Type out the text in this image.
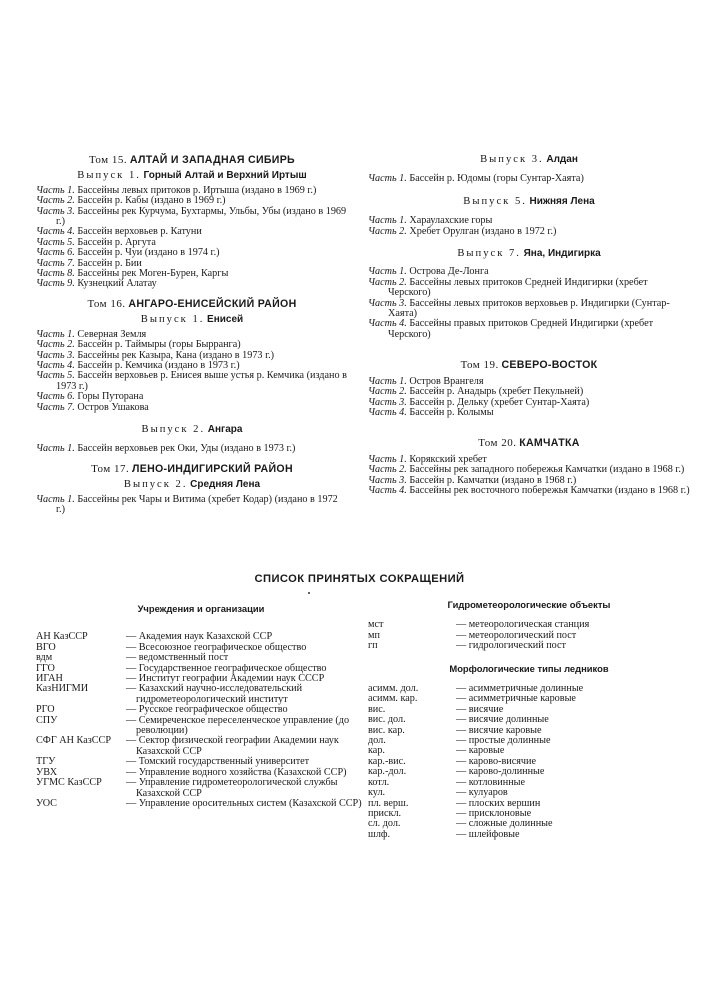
Том 15. АЛТАЙ И ЗАПАДНАЯ СИБИРЬ
Выпуск 1. Горный Алтай и Верхний Иртыш

Часть 1. Бассейны левых притоков р. Иртыша (издано в 1969 г.)

Часть 2. Бассейн р. Кабы (издано в 1969 г.)

Часть 3. Бассейны рек Курчума, Бухтармы, Ульбы, Убы (издано в 1969 г.)

Часть 4. Бассейн верховьев р. Катуни

Часть 5. Бассейн р. Аргута

Часть 6. Бассейн р. Чуи (издано в 1974 г.)

Часть 7. Бассейн р. Бии

Часть 8. Бассейны рек Моген-Бурен, Каргы

Часть 9. Кузнецкий Алатау

Том 16. АНГАРО-ЕНИСЕЙСКИЙ РАЙОН
Выпуск 1. Енисей

Часть 1. Северная Земля

Часть 2. Бассейн р. Таймыры (горы Бырранга)

Часть 3. Бассейны рек Казыра, Кана (издано в 1973 г.)

Часть 4. Бассейн р. Кемчика (издано в 1973 г.)

Часть 5. Бассейн верховьев р. Енисея выше устья р. Кемчика (издано в 1973 г.)

Часть 6. Горы Путорана

Часть 7. Остров Ушакова

Выпуск 2. Ангара

Часть 1. Бассейн верховьев рек Оки, Уды (издано в 1973 г.)

Том 17. ЛЕНО-ИНДИГИРСКИЙ РАЙОН
Выпуск 2. Средняя Лена

Часть 1. Бассейны рек Чары и Витима (хребет Кодар) (издано в 1972 г.)

Выпуск 3. Алдан

Часть 1. Бассейн р. Юдомы (горы Сунтар-Хаята)

Выпуск 5. Нижняя Лена

Часть 1. Хараулахские горы

Часть 2. Хребет Орулган (издано в 1972 г.)

Выпуск 7. Яна, Индигирка

Часть 1. Острова Де-Лонга

Часть 2. Бассейны левых притоков Средней Индигирки (хребет Черского)

Часть 3. Бассейны левых притоков верховьев р. Индигирки (Сунтар-Хаята)

Часть 4. Бассейны правых притоков Средней Индигирки (хребет Черского)

Том 19. СЕВЕРО-ВОСТОК

Часть 1. Остров Врангеля

Часть 2. Бассейн р. Анадырь (хребет Пекульней)

Часть 3. Бассейн р. Дельку (хребет Сунтар-Хаята)

Часть 4. Бассейн р. Колымы

Том 20. КАМЧАТКА

Часть 1. Корякский хребет

Часть 2. Бассейны рек западного побережья Камчатки (издано в 1968 г.)

Часть 3. Бассейн р. Камчатки (издано в 1968 г.)

Часть 4. Бассейны рек восточного побережья Камчатки (издано в 1968 г.)

СПИСОК ПРИНЯТЫХ СОКРАЩЕНИЙ
Учреждения и организации
АН КазССР	— Академия наук Казахской ССР
ВГО	— Всесоюзное географическое общество
вдм	— ведомственный пост
ГГО	— Государственное географическое общество
ИГАН	— Институт географии Академии наук СССР
КазНИГМИ	— Казахский научно-исследовательский гидрометеорологический институт
РГО	— Русское географическое общество
СПУ	— Семиреченское переселенческое управление (до революции)
СФГ АН КазССР	— Сектор физической географии Академии наук Казахской ССР
ТГУ	— Томский государственный университет
УВХ	— Управление водного хозяйства (Казахской ССР)
УГМС КазССР	— Управление гидрометеорологической службы Казахской ССР
УОС	— Управление оросительных систем (Казахской ССР)
Гидрометеорологические объекты
мст	— метеорологическая станция
мп	— метеорологический пост
гп	— гидрологический пост
Морфологические типы ледников
асимм. дол.	— асимметричные долинные
асимм. кар.	— асимметричные каровые
вис.	— висячие
вис. дол.	— висячие долинные
вис. кар.	— висячие каровые
дол.	— простые долинные
кар.	— каровые
кар.-вис.	— карово-висячие
кар.-дол.	— карово-долинные
котл.	— котловинные
кул.	— кулуаров
пл. верш.	— плоских вершин
прискл.	— присклоновые
сл. дол.	— сложные долинные
шлф.	— шлейфовые
